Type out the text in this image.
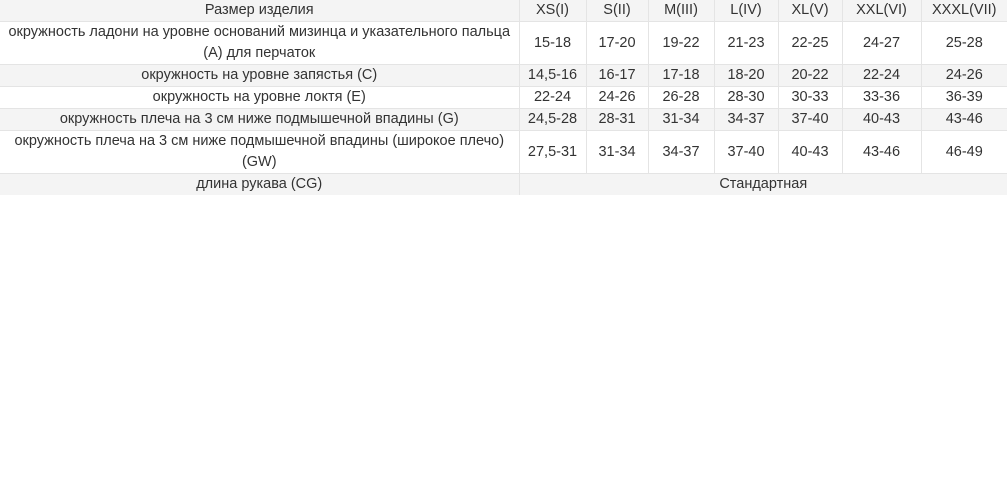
Размер изделия	XS(I)	S(II)	M(III)	L(IV)	XL(V)	XXL(VI)	XXXL(VII)
окружность ладони на уровне оснований мизинца и указательного пальца (A) для перчаток	15-18	17-20	19-22	21-23	22-25	24-27	25-28
окружность на уровне запястья (C)	14,5-16	16-17	17-18	18-20	20-22	22-24	24-26
окружность на уровне локтя (E)	22-24	24-26	26-28	28-30	30-33	33-36	36-39
окружность плеча на 3 см ниже подмышечной впадины (G)	24,5-28	28-31	31-34	34-37	37-40	40-43	43-46
окружность плеча на 3 см ниже подмышечной впадины (широкое плечо) (GW)	27,5-31	31-34	34-37	37-40	40-43	43-46	46-49
длина рукава (CG)	Стандартная						
